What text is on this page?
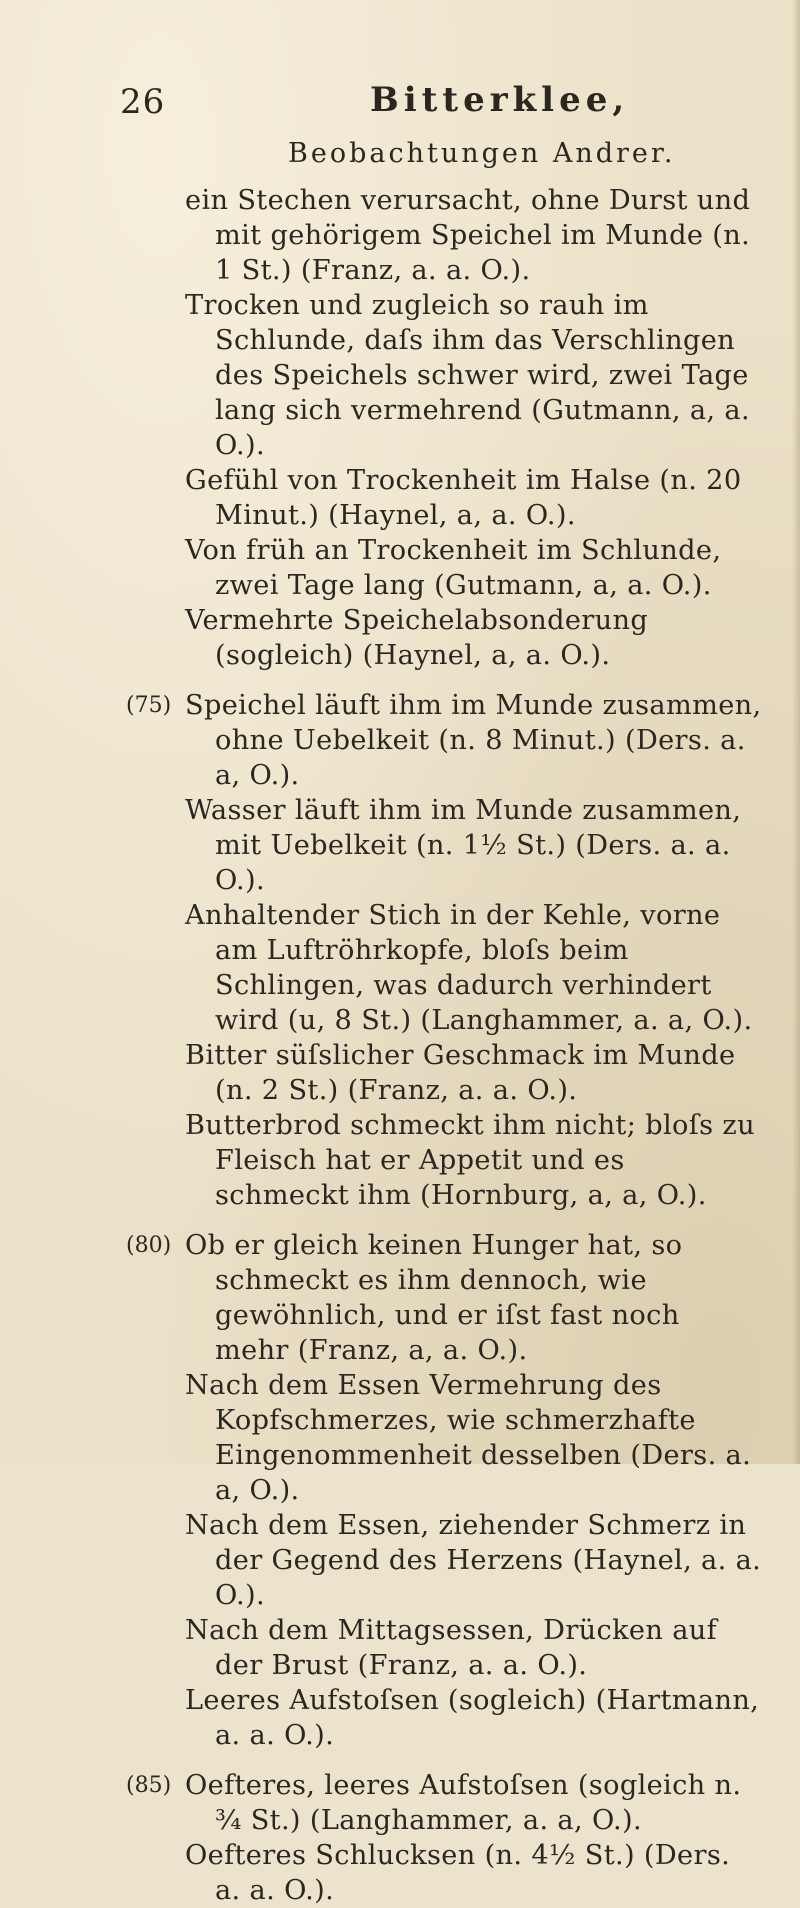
26	Bitterklee,
Beobachtungen Andrer.

ein Stechen verursacht, ohne Durst und mit gehörigem Speichel im Munde (n. 1 St.) (Franz, a. a. O.).

Trocken und zugleich so rauh im Schlunde, daſs ihm das Verschlingen des Speichels schwer wird, zwei Tage lang sich vermehrend (Gutmann, a, a. O.).

Gefühl von Trockenheit im Halse (n. 20 Minut.) (Haynel, a, a. O.).

Von früh an Trockenheit im Schlunde, zwei Tage lang (Gutmann, a, a. O.).

Vermehrte Speichelabsonderung (sogleich) (Haynel, a, a. O.).

(75) Speichel läuft ihm im Munde zusammen, ohne Uebelkeit (n. 8 Minut.) (Ders. a. a, O.).

Wasser läuft ihm im Munde zusammen, mit Uebelkeit (n. 1½ St.) (Ders. a. a. O.).

Anhaltender Stich in der Kehle, vorne am Luftröhrkopfe, bloſs beim Schlingen, was dadurch verhindert wird (u, 8 St.) (Langhammer, a. a, O.).

Bitter süſslicher Geschmack im Munde (n. 2 St.) (Franz, a. a. O.).

Butterbrod schmeckt ihm nicht; bloſs zu Fleisch hat er Appetit und es schmeckt ihm (Hornburg, a, a, O.).

(80) Ob er gleich keinen Hunger hat, so schmeckt es ihm dennoch, wie gewöhnlich, und er iſst fast noch mehr (Franz, a, a. O.).

Nach dem Essen Vermehrung des Kopfschmerzes, wie schmerzhafte Eingenommenheit desselben (Ders. a. a, O.).

Nach dem Essen, ziehender Schmerz in der Gegend des Herzens (Haynel, a. a. O.).

Nach dem Mittagsessen, Drücken auf der Brust (Franz, a. a. O.).

Leeres Aufstoſsen (sogleich) (Hartmann, a. a. O.).

(85) Oefteres, leeres Aufstoſsen (sogleich n. ¾ St.) (Langhammer, a. a, O.).

Oefteres Schlucksen (n. 4½ St.) (Ders. a. a. O.).
